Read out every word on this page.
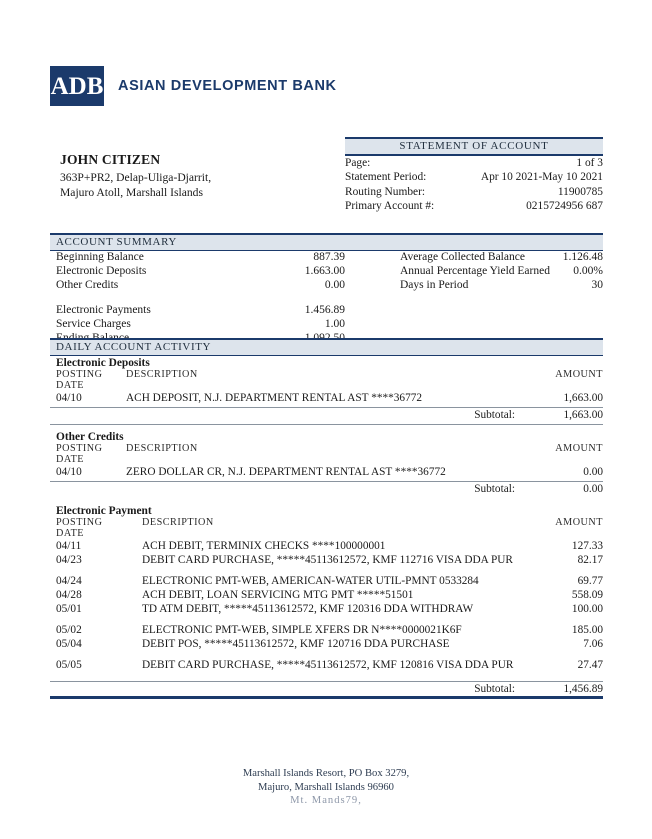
ADB ASIAN DEVELOPMENT BANK
JOHN CITIZEN
363P+PR2, Delap-Uliga-Djarrit,
Majuro Atoll, Marshall Islands
STATEMENT OF ACCOUNT
Page:	1 of 3
Statement Period:	Apr 10 2021-May 10 2021
Routing Number:	11900785
Primary Account #:	0215724956 687
ACCOUNT SUMMARY
Beginning Balance	887.39	Average Collected Balance	1.126.48
Electronic Deposits	1.663.00	Annual Percentage Yield Earned	0.00%
Other Credits	0.00	Days in Period	30
Electronic Payments	1.456.89
Service Charges	1.00
DAILY ACCOUNT ACTIVITY
Electronic Deposits
POSTING DATE
DESCRIPTION	AMOUNT
04/10	ACH DEPOSIT, N.J. DEPARTMENT RENTAL AST ****36772	1,663.00
Subtotal:	1,663.00
Other Credits
POSTING DATE
DESCRIPTION	AMOUNT
04/10	ZERO DOLLAR CR, N.J. DEPARTMENT RENTAL AST ****36772	0.00
Subtotal:	0.00
Electronic Payment
POSTING DATE
DESCRIPTION	AMOUNT
04/11	ACH DEBIT, TERMINIX CHECKS ****100000001	127.33
04/23	DEBIT CARD PURCHASE, *****45113612572, KMF 112716 VISA DDA PUR	82.17
04/24	ELECTRONIC PMT-WEB, AMERICAN-WATER UTIL-PMNT 0533284	69.77
04/28	ACH DEBIT, LOAN SERVICING MTG PMT *****51501	558.09
05/01	TD ATM DEBIT, *****45113612572, KMF 120316 DDA WITHDRAW	100.00
05/02	ELECTRONIC PMT-WEB, SIMPLE XFERS DR N****0000021K6F	185.00
05/04	DEBIT POS, *****45113612572, KMF 120716 DDA PURCHASE	7.06
05/05	DEBIT CARD PURCHASE, *****45113612572, KMF 120816 VISA DDA PUR	27.47
Subtotal:	1,456.89
Marshall Islands Resort, PO Box 3279,
Majuro, Marshall Islands 96960
Mt. Mands79,
